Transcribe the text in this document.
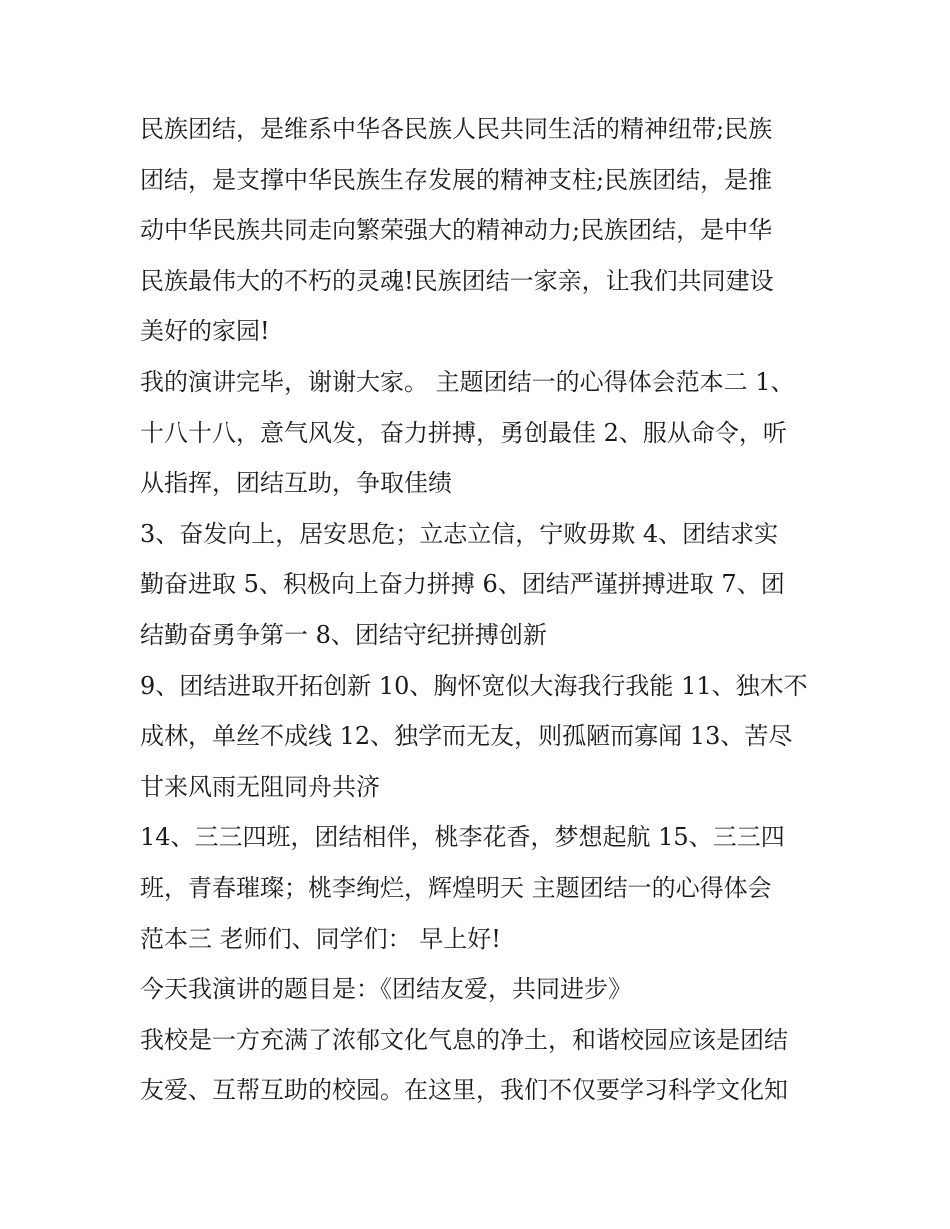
民族团结，是维系中华各民族人民共同生活的精神纽带;民族
团结，是支撑中华民族生存发展的精神支柱;民族团结，是推
动中华民族共同走向繁荣强大的精神动力;民族团结，是中华
民族最伟大的不朽的灵魂!民族团结一家亲，让我们共同建设
美好的家园!
我的演讲完毕，谢谢大家。 主题团结一的心得体会范本二 1、
十八十八，意气风发，奋力拼搏，勇创最佳 2、服从命令，听
从指挥，团结互助，争取佳绩
3、奋发向上，居安思危；立志立信，宁败毋欺 4、团结求实
勤奋进取 5、积极向上奋力拼搏 6、团结严谨拼搏进取 7、团
结勤奋勇争第一 8、团结守纪拼搏创新
9、团结进取开拓创新 10、胸怀宽似大海我行我能 11、独木不
成林，单丝不成线 12、独学而无友，则孤陋而寡闻 13、苦尽
甘来风雨无阻同舟共济
14、三三四班，团结相伴，桃李花香，梦想起航 15、三三四
班，青春璀璨；桃李绚烂，辉煌明天 主题团结一的心得体会
范本三 老师们、同学们： 早上好!
今天我演讲的题目是：《团结友爱，共同进步》
我校是一方充满了浓郁文化气息的净土，和谐校园应该是团结
友爱、互帮互助的校园。在这里，我们不仅要学习科学文化知
